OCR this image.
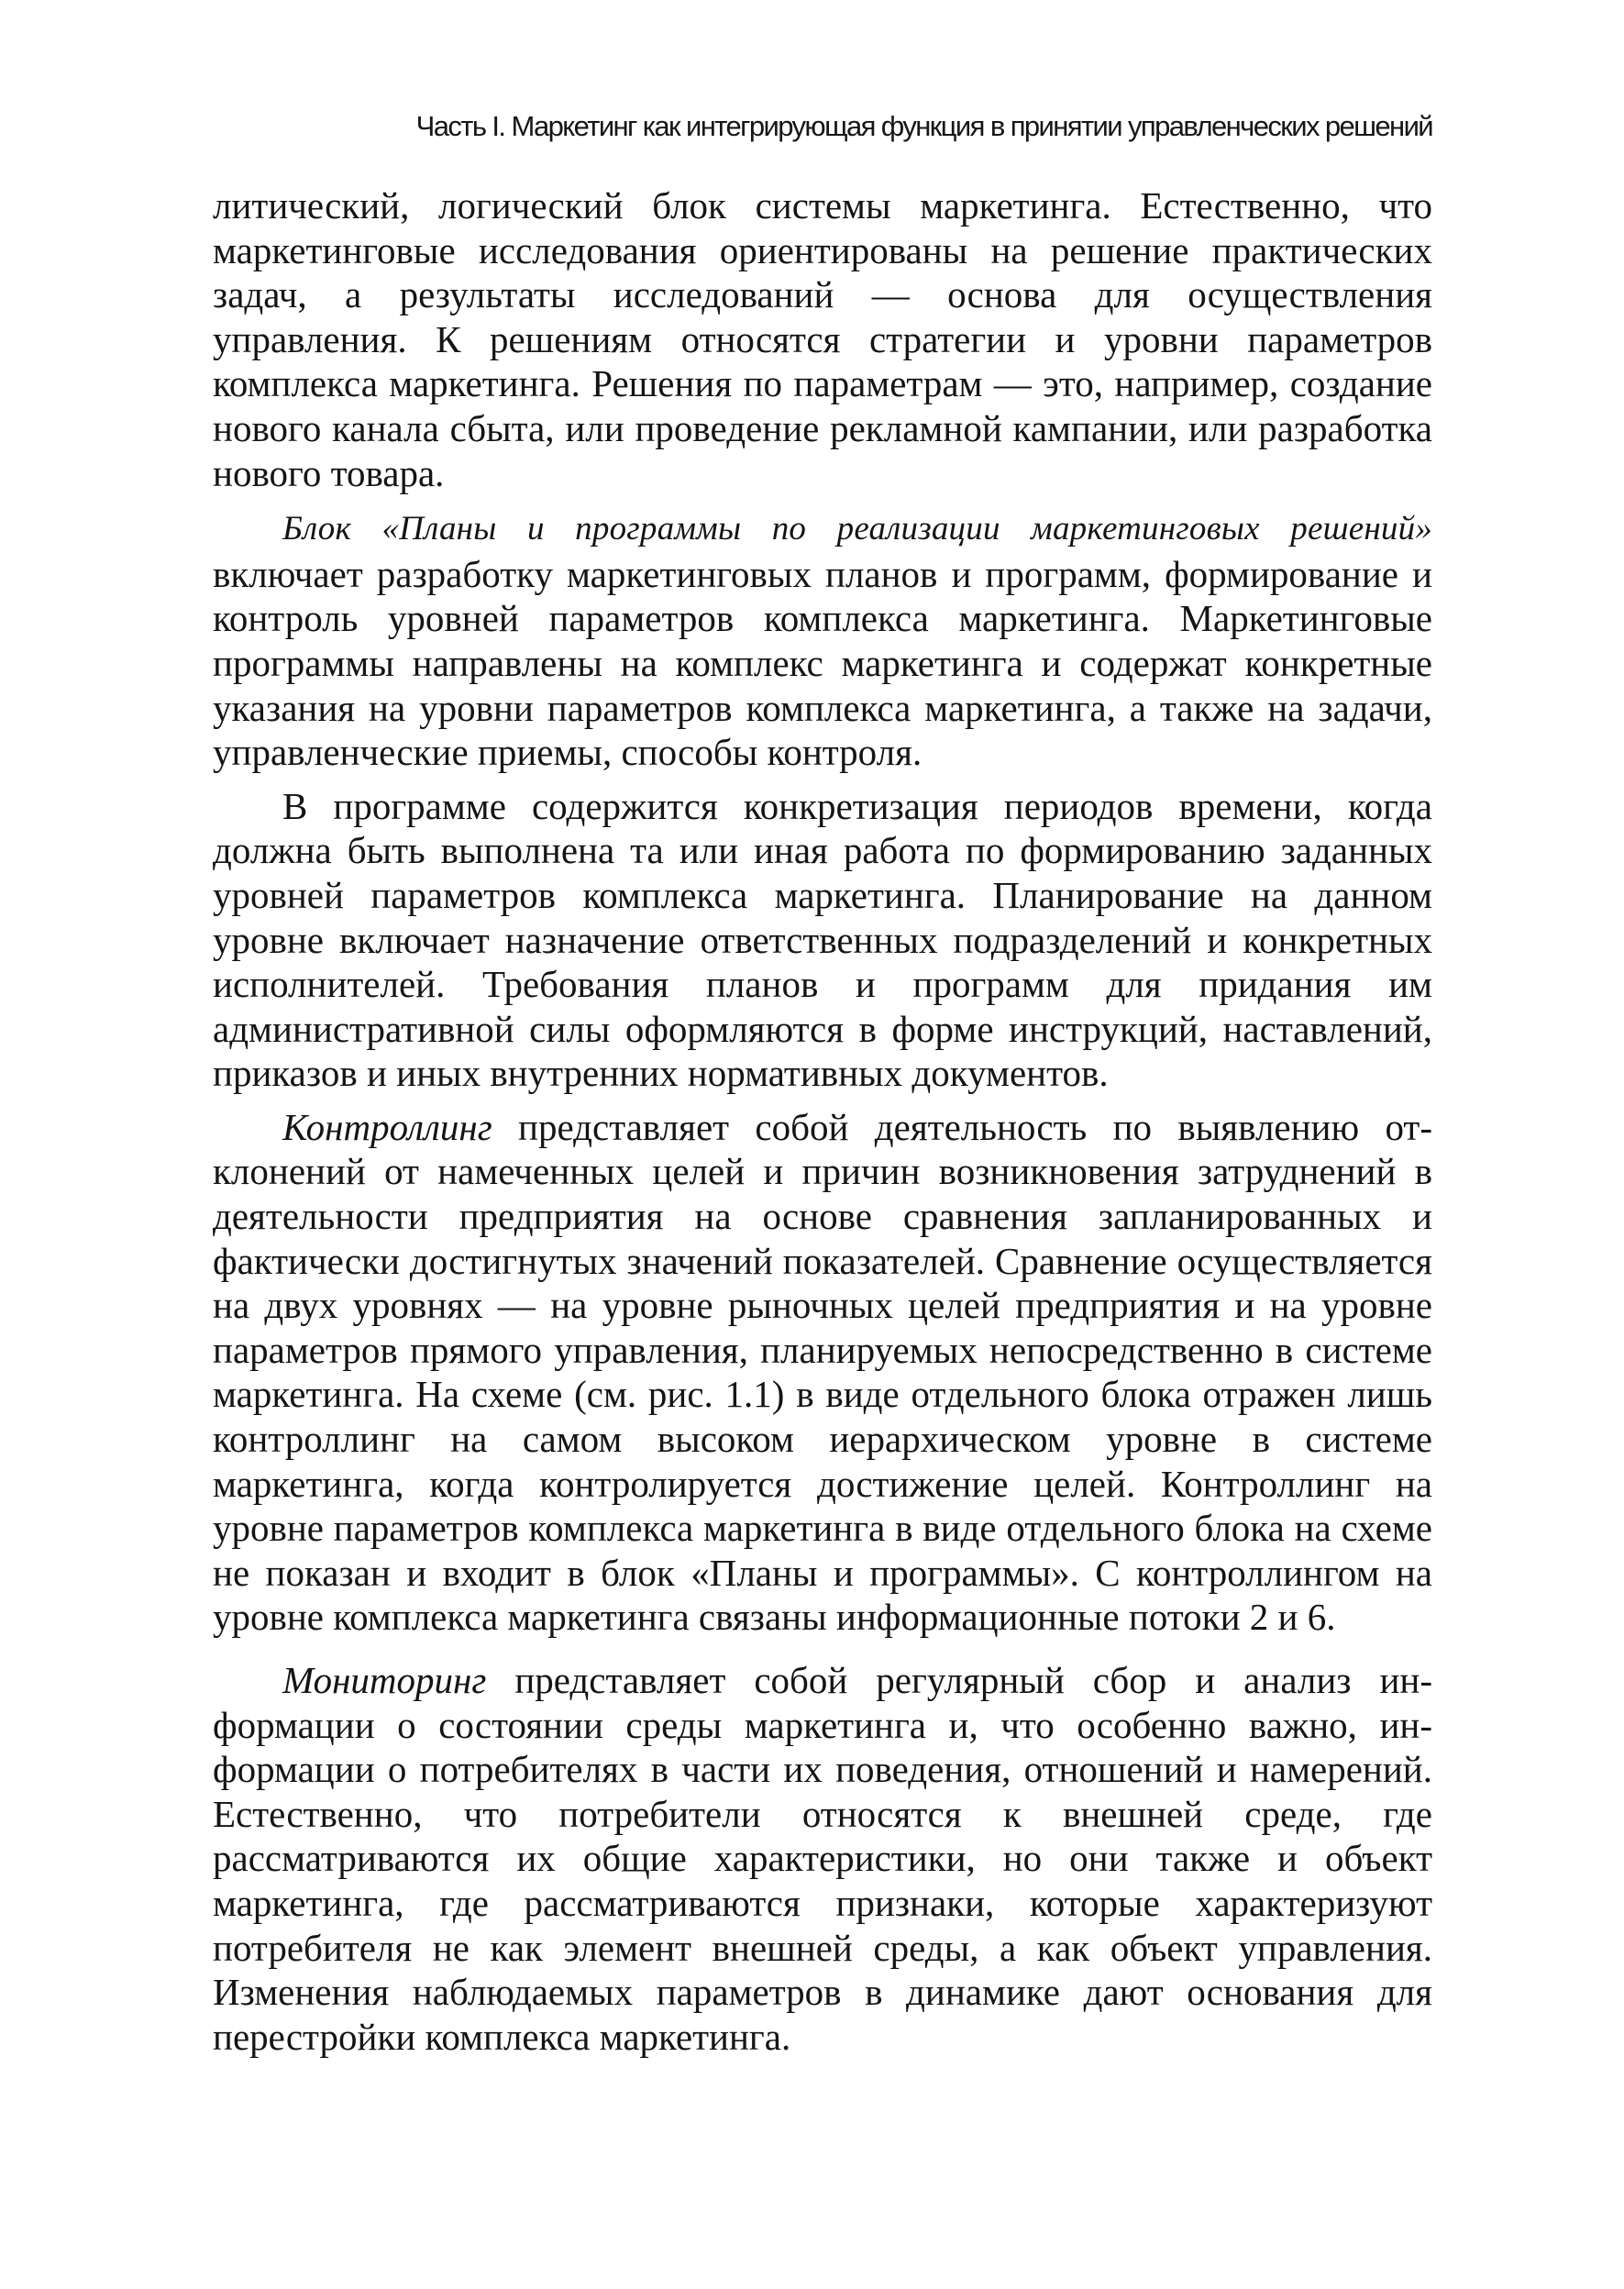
Часть I. Маркетинг как интегрирующая функция в принятии управленческих решений

литический, логический блок системы маркетинга. Естественно, что маркетинговые исследования ориентированы на решение практических задач, а результаты исследований — основа для осуществления управления. К решениям относятся стратегии и уровни параметров комплекса маркетинга. Решения по параметрам — это, например, создание нового канала сбыта, или проведение рекламной кампании, или разработка нового товара.

Блок «Планы и программы по реализации маркетинговых решений» включает разработку маркетинговых планов и программ, формирование и контроль уровней параметров комплекса маркетинга. Маркетинговые программы направлены на комплекс маркетинга и содержат конкретные указания на уровни параметров комплекса маркетинга, а также на задачи, управленческие приемы, способы контроля.

В программе содержится конкретизация периодов времени, когда должна быть выполнена та или иная работа по формированию заданных уровней параметров комплекса маркетинга. Планирование на данном уровне включает назначение ответственных подразделений и конкретных исполнителей. Требования планов и программ для придания им административной силы оформляются в форме инструкций, наставлений, приказов и иных внутренних нормативных документов.

Контроллинг представляет собой деятельность по выявлению отклонений от намеченных целей и причин возникновения затруднений в деятельности предприятия на основе сравнения запланированных и фактически достигнутых значений показателей. Сравнение осуществляется на двух уровнях — на уровне рыночных целей предприятия и на уровне параметров прямого управления, планируемых непосредственно в системе маркетинга. На схеме (см. рис. 1.1) в виде отдельного блока отражен лишь контроллинг на самом высоком иерархическом уровне в системе маркетинга, когда контролируется достижение целей. Контроллинг на уровне параметров комплекса маркетинга в виде отдельного блока на схеме не показан и входит в блок «Планы и программы». С контроллингом на уровне комплекса маркетинга связаны информационные потоки 2 и 6.

Мониторинг представляет собой регулярный сбор и анализ информации о состоянии среды маркетинга и, что особенно важно, информации о потребителях в части их поведения, отношений и намерений. Естественно, что потребители относятся к внешней среде, где рассматриваются их общие характеристики, но они также и объект маркетинга, где рассматриваются признаки, которые характеризуют потребителя не как элемент внешней среды, а как объект управления. Изменения наблюдаемых параметров в динамике дают основания для перестройки комплекса маркетинга.
